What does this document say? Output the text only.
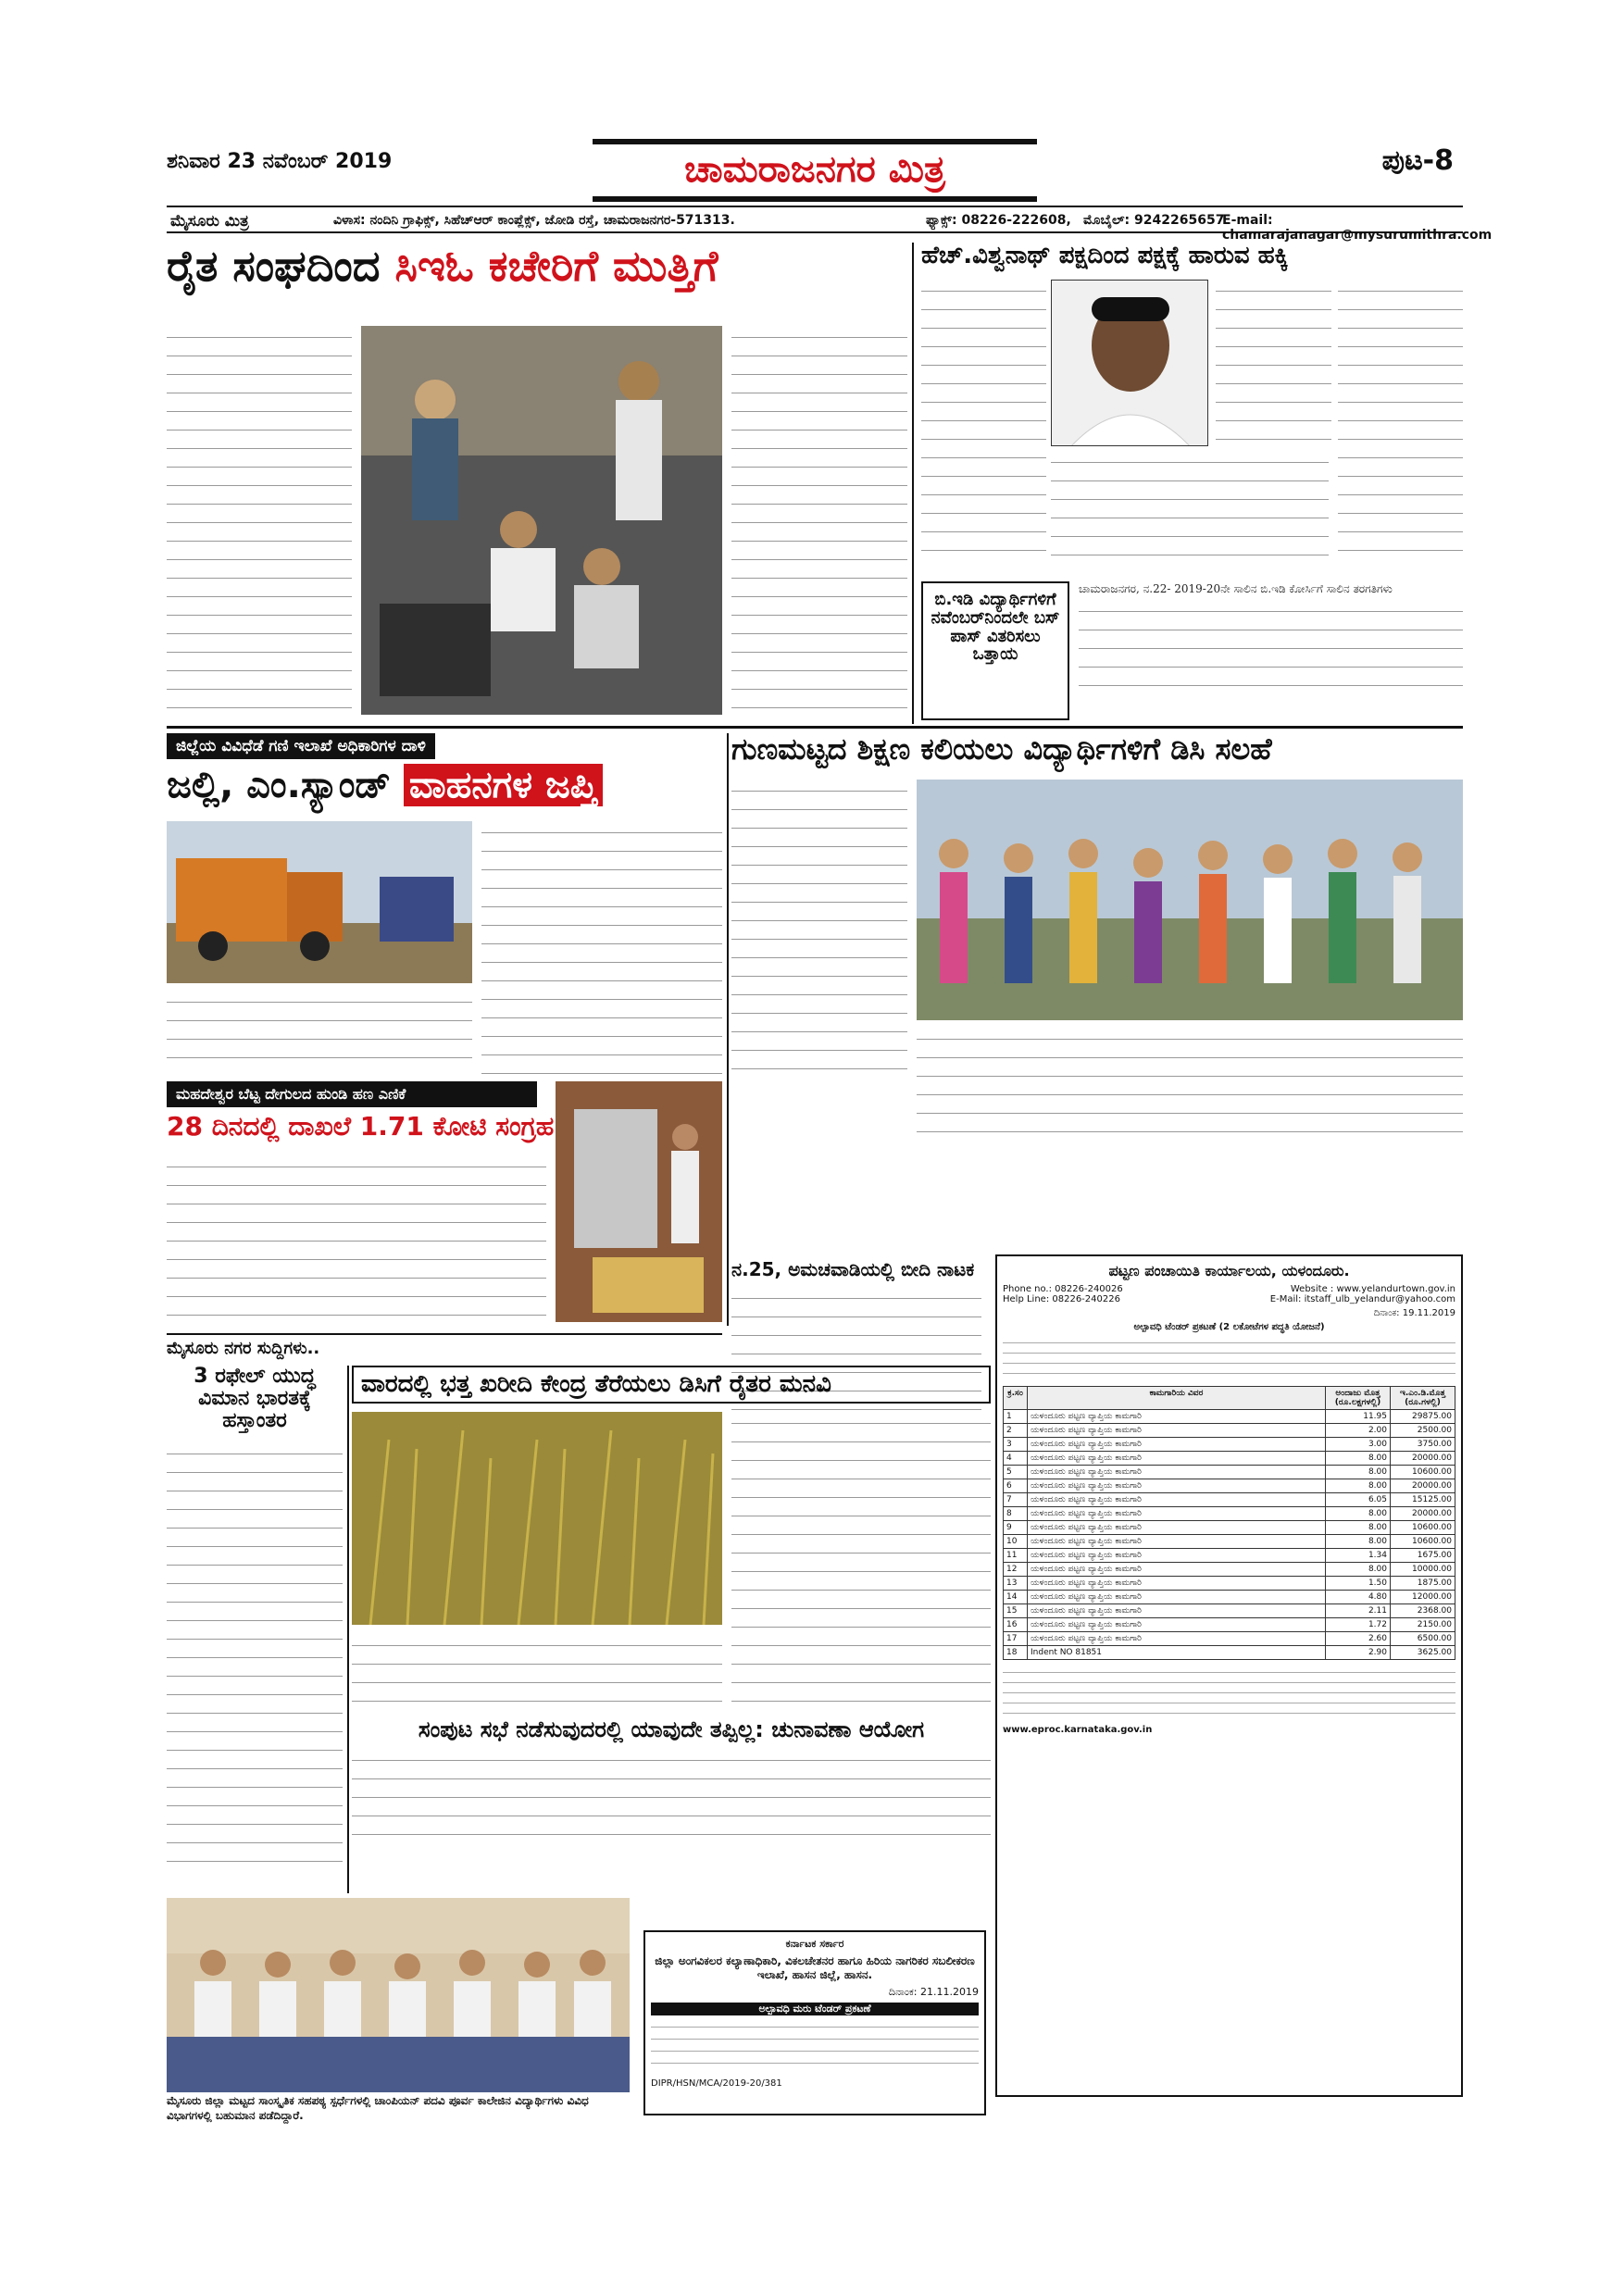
ಶನಿವಾರ 23 ನವೆಂಬರ್ 2019	ಚಾಮರಾಜನಗರ ಮಿತ್ರ	ಪುಟ-8
ಮೈಸೂರು ಮಿತ್ರ	ವಿಳಾಸ: ನಂದಿನಿ ಗ್ರಾಫಿಕ್ಸ್, ಸಿಹೆಚ್‌ಆರ್ ಕಾಂಪ್ಲೆಕ್ಸ್, ಜೋಡಿ ರಸ್ತೆ, ಚಾಮರಾಜನಗರ-571313.	ಫ್ಯಾಕ್ಸ್: 08226-222608, ಮೊಬೈಲ್: 9242265657
E-mail: chamarajanagar@mysurumithra.com
ರೈತ ಸಂಘದಿಂದ ಸಿಇಓ ಕಚೇರಿಗೆ ಮುತ್ತಿಗೆ	ಹೆಚ್.ವಿಶ್ವನಾಥ್ ಪಕ್ಷದಿಂದ ಪಕ್ಷಕ್ಕೆ ಹಾರುವ ಹಕ್ಕಿ
ಬಿ.ಇಡಿ ವಿದ್ಯಾರ್ಥಿಗಳಿಗೆ ನವೆಂಬರ್‌ನಿಂದಲೇ ಬಸ್ ಪಾಸ್ ವಿತರಿಸಲು ಒತ್ತಾಯ
ಚಾಮರಾಜನಗರ, ನ.22- 2019-20ನೇ ಸಾಲಿನ ಬಿ.ಇಡಿ ಕೋರ್ಸಿಗೆ ಸಾಲಿನ ತರಗತಿಗಳು
ಜಿಲ್ಲೆಯ ವಿವಿಧೆಡೆ ಗಣಿ ಇಲಾಖೆ ಅಧಿಕಾರಿಗಳ ದಾಳಿ
ಜಲ್ಲಿ, ಎಂ.ಸ್ಯಾಂಡ್ ವಾಹನಗಳ ಜಪ್ತಿ
ಗುಣಮಟ್ಟದ ಶಿಕ್ಷಣ ಕಲಿಯಲು ವಿದ್ಯಾರ್ಥಿಗಳಿಗೆ ಡಿಸಿ ಸಲಹೆ
ಮಹದೇಶ್ವರ ಬೆಟ್ಟ ದೇಗುಲದ ಹುಂಡಿ ಹಣ ಎಣಿಕೆ
28 ದಿನದಲ್ಲಿ ದಾಖಲೆ 1.71 ಕೋಟಿ ಸಂಗ್ರಹ
ನ.25, ಅಮಚವಾಡಿಯಲ್ಲಿ ಬೀದಿ ನಾಟಕ
ಮೈಸೂರು ನಗರ ಸುದ್ದಿಗಳು..
3 ರಫೇಲ್ ಯುದ್ಧ ವಿಮಾನ ಭಾರತಕ್ಕೆ ಹಸ್ತಾಂತರ
ವಾರದಲ್ಲಿ ಭತ್ತ ಖರೀದಿ ಕೇಂದ್ರ ತೆರೆಯಲು ಡಿಸಿಗೆ ರೈತರ ಮನವಿ
ಸಂಪುಟ ಸಭೆ ನಡೆಸುವುದರಲ್ಲಿ ಯಾವುದೇ ತಪ್ಪಿಲ್ಲ: ಚುನಾವಣಾ ಆಯೋಗ
ಮೈಸೂರು ಜಿಲ್ಲಾ ಮಟ್ಟದ ಸಾಂಸ್ಕೃತಿಕ ಸಹಪಠ್ಯ ಸ್ಪರ್ಧೆಗಳಲ್ಲಿ ಚಾಂಪಿಯನ್ ಪದವಿ ಪೂರ್ವ ಕಾಲೇಜಿನ ವಿದ್ಯಾರ್ಥಿಗಳು ವಿವಿಧ ವಿಭಾಗಗಳಲ್ಲಿ ಬಹುಮಾನ ಪಡೆದಿದ್ದಾರೆ.
ಕರ್ನಾಟಕ ಸರ್ಕಾರ
ಜಿಲ್ಲಾ ಅಂಗವಿಕಲರ ಕಲ್ಯಾಣಾಧಿಕಾರಿ, ವಿಕಲಚೇತನರ ಹಾಗೂ ಹಿರಿಯ ನಾಗರಿಕರ ಸಬಲೀಕರಣ ಇಲಾಖೆ, ಹಾಸನ ಜಿಲ್ಲೆ, ಹಾಸನ.
ದಿನಾಂಕ: 21.11.2019
ಅಲ್ಪಾವಧಿ ಮರು ಟೆಂಡರ್ ಪ್ರಕಟಣೆ
DIPR/HSN/MCA/2019-20/381
ಪಟ್ಟಣ ಪಂಚಾಯಿತಿ ಕಾರ್ಯಾಲಯ, ಯಳಂದೂರು.
Phone no.: 08226-240026
Help Line: 08226-240226
Website : www.yelandurtown.gov.in
E-Mail: itstaff_ulb_yelandur@yahoo.com
ದಿನಾಂಕ: 19.11.2019
ಅಲ್ಪಾವಧಿ ಟೆಂಡರ್ ಪ್ರಕಟಣೆ (2 ಲಕೋಟೆಗಳ ಪದ್ಧತಿ ಯೋಜನೆ)
ಕ್ರ.ಸಂ	ಕಾಮಗಾರಿಯ ವಿವರ	ಅಂದಾಜು ಮೊತ್ತ (ರೂ.ಲಕ್ಷಗಳಲ್ಲಿ)	ಇ.ಎಂ.ಡಿ.ಮೊತ್ತ (ರೂ.ಗಳಲ್ಲಿ)
1	ಯಳಂದೂರು ಪಟ್ಟಣ ವ್ಯಾಪ್ತಿಯ ಕಾಮಗಾರಿ	11.95	29875.00
2	ಯಳಂದೂರು ಪಟ್ಟಣ ವ್ಯಾಪ್ತಿಯ ಕಾಮಗಾರಿ	2.00	2500.00
3	ಯಳಂದೂರು ಪಟ್ಟಣ ವ್ಯಾಪ್ತಿಯ ಕಾಮಗಾರಿ	3.00	3750.00
4	ಯಳಂದೂರು ಪಟ್ಟಣ ವ್ಯಾಪ್ತಿಯ ಕಾಮಗಾರಿ	8.00	20000.00
5	ಯಳಂದೂರು ಪಟ್ಟಣ ವ್ಯಾಪ್ತಿಯ ಕಾಮಗಾರಿ	8.00	10600.00
6	ಯಳಂದೂರು ಪಟ್ಟಣ ವ್ಯಾಪ್ತಿಯ ಕಾಮಗಾರಿ	8.00	20000.00
7	ಯಳಂದೂರು ಪಟ್ಟಣ ವ್ಯಾಪ್ತಿಯ ಕಾಮಗಾರಿ	6.05	15125.00
8	ಯಳಂದೂರು ಪಟ್ಟಣ ವ್ಯಾಪ್ತಿಯ ಕಾಮಗಾರಿ	8.00	20000.00
9	ಯಳಂದೂರು ಪಟ್ಟಣ ವ್ಯಾಪ್ತಿಯ ಕಾಮಗಾರಿ	8.00	10600.00
10	ಯಳಂದೂರು ಪಟ್ಟಣ ವ್ಯಾಪ್ತಿಯ ಕಾಮಗಾರಿ	8.00	10600.00
11	ಯಳಂದೂರು ಪಟ್ಟಣ ವ್ಯಾಪ್ತಿಯ ಕಾಮಗಾರಿ	1.34	1675.00
12	ಯಳಂದೂರು ಪಟ್ಟಣ ವ್ಯಾಪ್ತಿಯ ಕಾಮಗಾರಿ	8.00	10000.00
13	ಯಳಂದೂರು ಪಟ್ಟಣ ವ್ಯಾಪ್ತಿಯ ಕಾಮಗಾರಿ	1.50	1875.00
14	ಯಳಂದೂರು ಪಟ್ಟಣ ವ್ಯಾಪ್ತಿಯ ಕಾಮಗಾರಿ	4.80	12000.00
15	ಯಳಂದೂರು ಪಟ್ಟಣ ವ್ಯಾಪ್ತಿಯ ಕಾಮಗಾರಿ	2.11	2368.00
16	ಯಳಂದೂರು ಪಟ್ಟಣ ವ್ಯಾಪ್ತಿಯ ಕಾಮಗಾರಿ	1.72	2150.00
17	ಯಳಂದೂರು ಪಟ್ಟಣ ವ್ಯಾಪ್ತಿಯ ಕಾಮಗಾರಿ	2.60	6500.00
18	Indent NO 81851	2.90	3625.00
www.eproc.karnataka.gov.in
